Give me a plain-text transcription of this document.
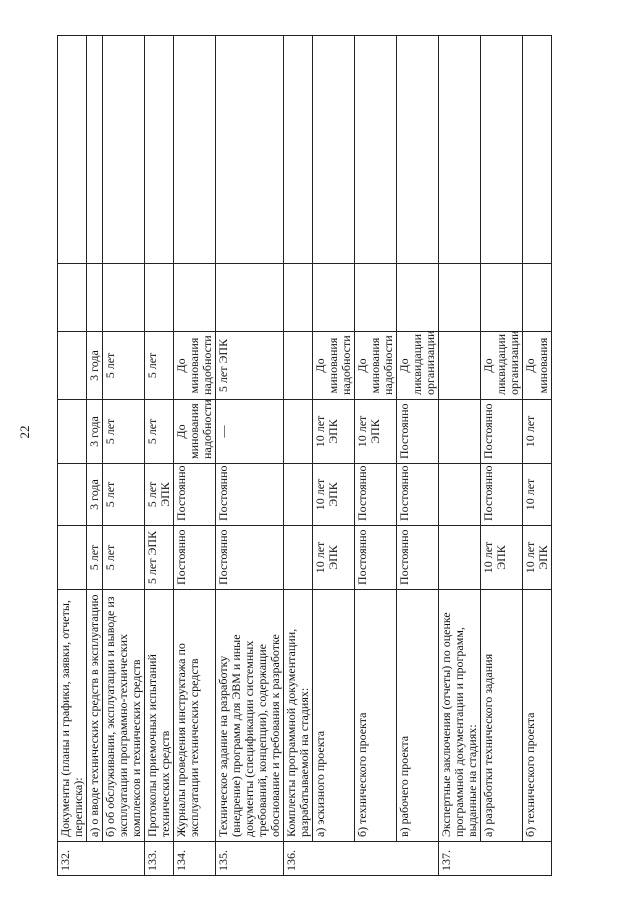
22
132.	Документы (планы и графики, заявки, отчеты, переписка):						
	а) о вводе технических средств в эксплуатацию	5 лет	3 года	3 года	3 года		
	б) об обслуживании, эксплуатации и выводе из эксплуатации программно-технических комплексов и технических средств	5 лет	5 лет	5 лет	5 лет		
133.	Протоколы приемочных испытаний технических средств	5 лет ЭПК	5 лет ЭПК	5 лет	5 лет		
134.	Журналы проведения инструктажа по эксплуатации технических средств	Постоянно	Постоянно	До минования надобности	До минования надобности		
135.	Техническое задание на разработку (внедрение) программ для ЭВМ и иные документы (спецификации системных требований, концепции), содержащие обоснование и требования к разработке	Постоянно	Постоянно	—	5 лет ЭПК		
136.	Комплекты программной документации, разрабатываемой на стадиях:						
	а) эскизного проекта	10 лет ЭПК	10 лет ЭПК	10 лет ЭПК	До минования надобности		
	б) технического проекта	Постоянно	Постоянно	10 лет ЭПК	До минования надобности		
	в) рабочего проекта	Постоянно	Постоянно	Постоянно	До ликвидации организации		
137.	Экспертные заключения (отчеты) по оценке программной документации и программ, выданные на стадиях:						
	а) разработки технического задания	10 лет ЭПК	Постоянно	Постоянно	До ликвидации организации		
	б) технического проекта	10 лет ЭПК	10 лет	10 лет	До минования		
